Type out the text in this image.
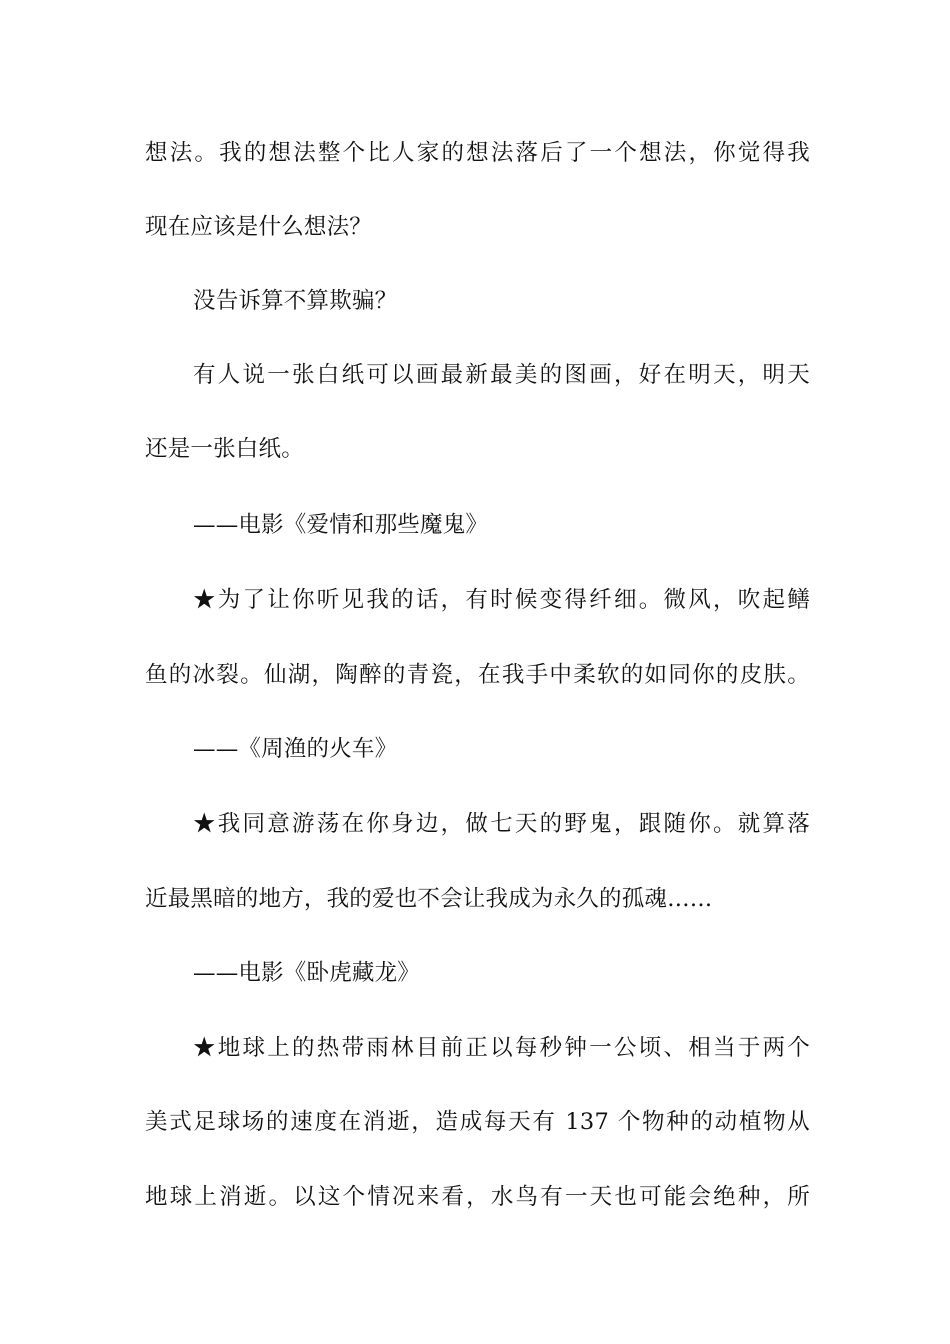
想法。我的想法整个比人家的想法落后了一个想法，你觉得我
现在应该是什么想法？
没告诉算不算欺骗？
有人说一张白纸可以画最新最美的图画，好在明天，明天
还是一张白纸。
——电影《爱情和那些魔鬼》
★为了让你听见我的话，有时候变得纤细。微风，吹起鳝
鱼的冰裂。仙湖，陶醉的青瓷，在我手中柔软的如同你的皮肤。
——《周渔的火车》
★我同意游荡在你身边，做七天的野鬼，跟随你。就算落
近最黑暗的地方，我的爱也不会让我成为永久的孤魂……
——电影《卧虎藏龙》
★地球上的热带雨林目前正以每秒钟一公顷、相当于两个
美式足球场的速度在消逝，造成每天有 137 个物种的动植物从
地球上消逝。以这个情况来看，水鸟有一天也可能会绝种，所
